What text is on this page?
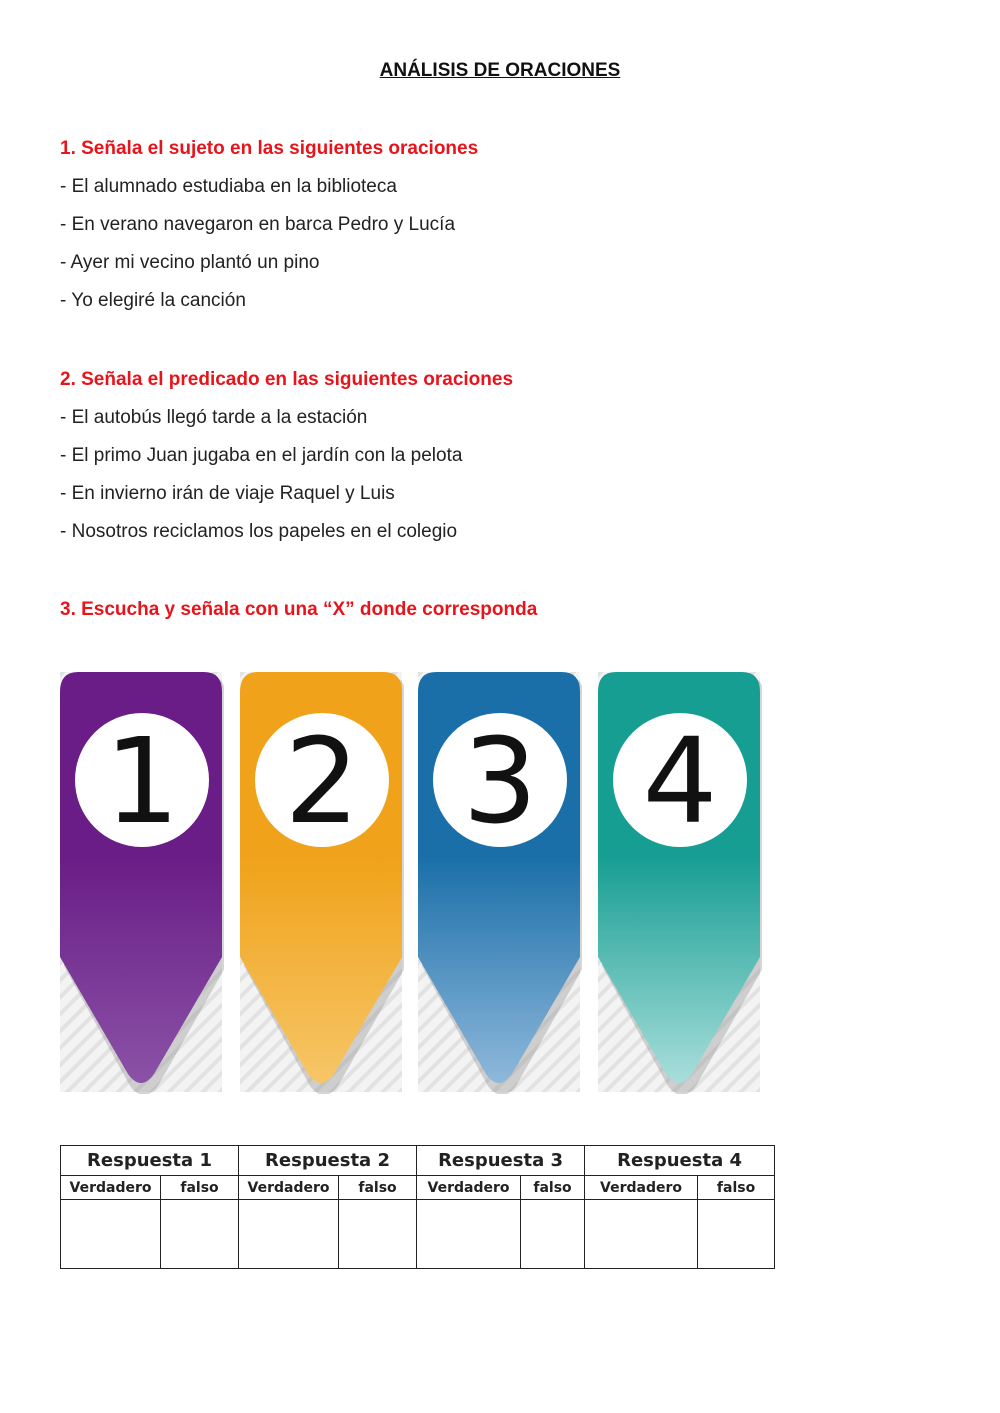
ANÁLISIS DE ORACIONES
1. Señala el sujeto en las siguientes oraciones
- El alumnado estudiaba en la biblioteca
- En verano navegaron en barca Pedro y Lucía
- Ayer mi vecino plantó un pino
- Yo elegiré la canción
2. Señala el predicado en las siguientes oraciones
- El autobús llegó tarde a la estación
- El primo Juan jugaba en el jardín con la pelota
- En invierno irán de viaje Raquel y Luis
- Nosotros reciclamos los papeles en el colegio
3. Escucha y señala con una “X” donde corresponda
1 2 3 4
Respuesta 1		Respuesta 2		Respuesta 3		Respuesta 4	
Verdadero	falso	Verdadero	falso	Verdadero	falso	Verdadero	falso
